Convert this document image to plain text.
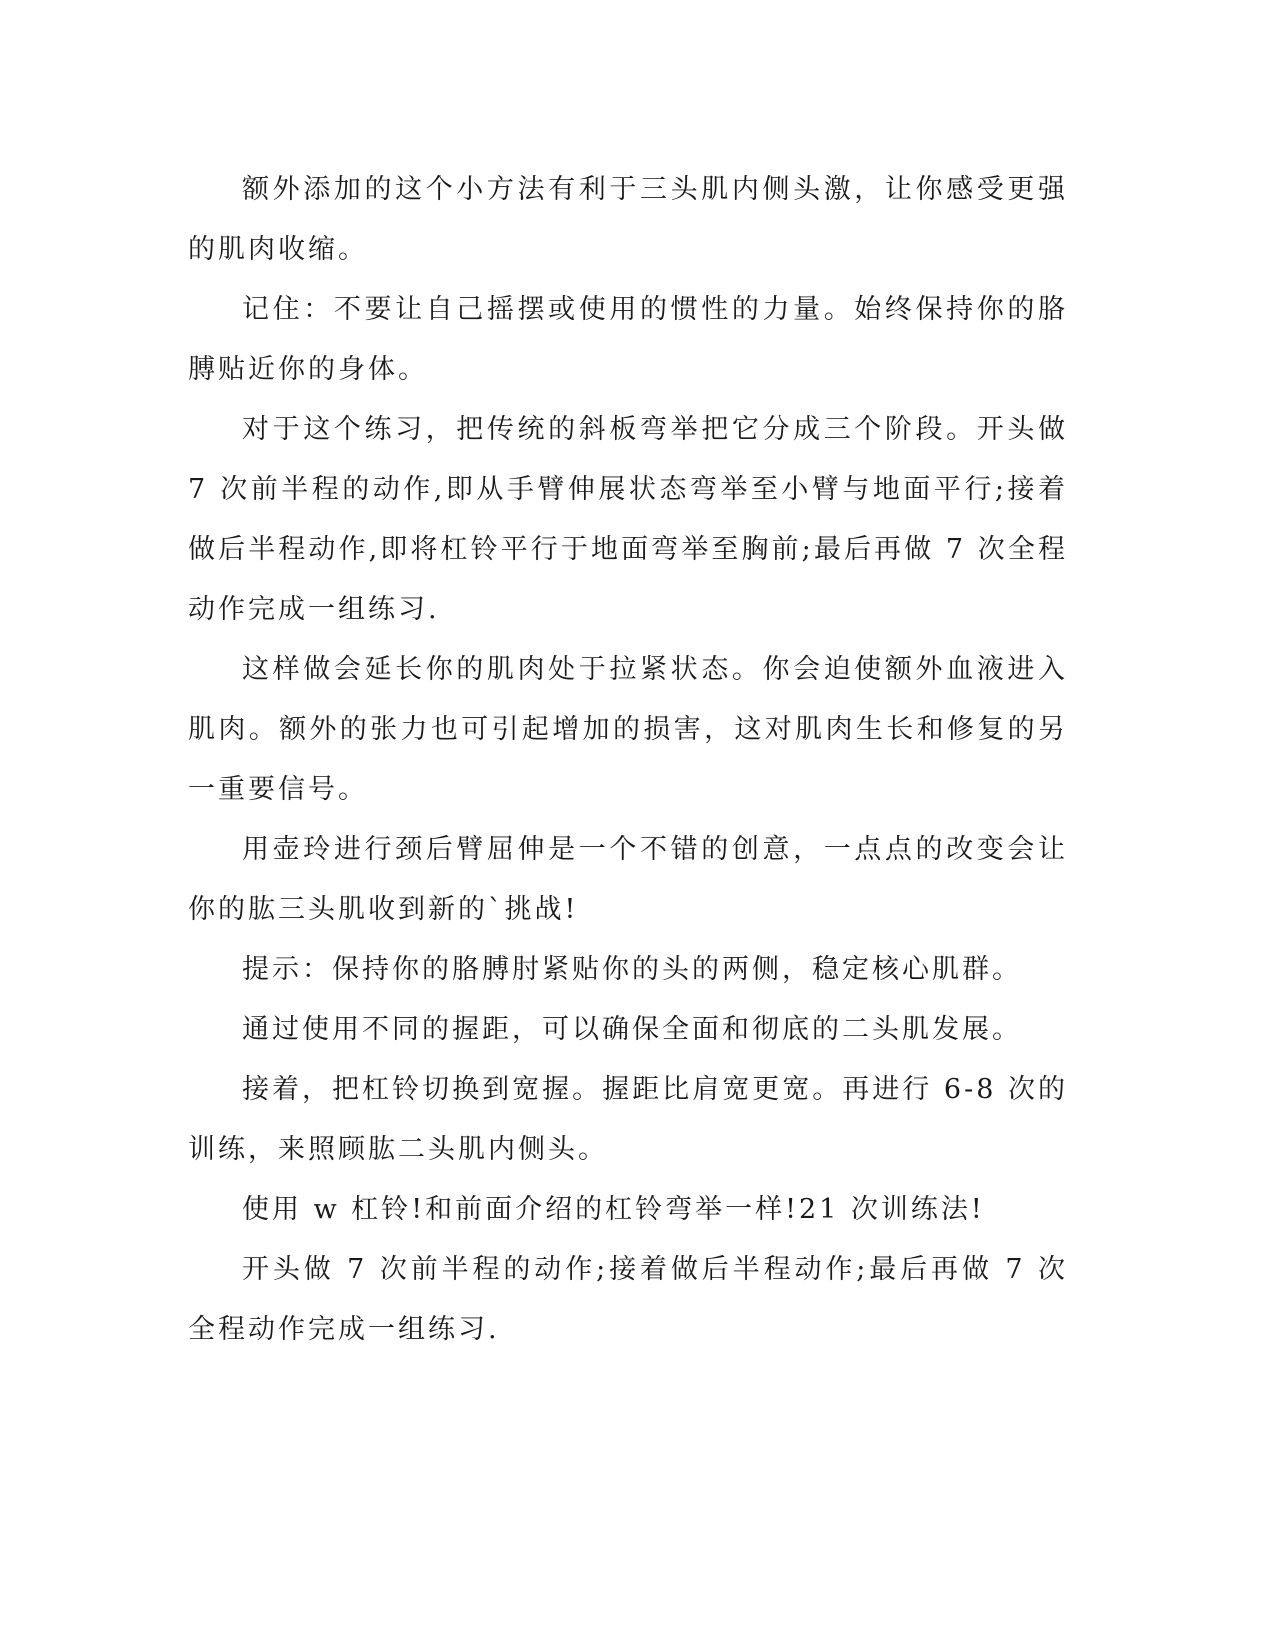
额外添加的这个小方法有利于三头肌内侧头激，让你感受更强的肌肉收缩。

记住：不要让自己摇摆或使用的惯性的力量。始终保持你的胳膊贴近你的身体。

对于这个练习，把传统的斜板弯举把它分成三个阶段。开头做 7 次前半程的动作,即从手臂伸展状态弯举至小臂与地面平行;接着做后半程动作,即将杠铃平行于地面弯举至胸前;最后再做 7 次全程动作完成一组练习.

这样做会延长你的肌肉处于拉紧状态。你会迫使额外血液进入肌肉。额外的张力也可引起增加的损害，这对肌肉生长和修复的另一重要信号。

用壶玲进行颈后臂屈伸是一个不错的创意，一点点的改变会让你的肱三头肌收到新的`挑战!

提示：保持你的胳膊肘紧贴你的头的两侧，稳定核心肌群。

通过使用不同的握距，可以确保全面和彻底的二头肌发展。

接着，把杠铃切换到宽握。握距比肩宽更宽。再进行 6-8 次的训练，来照顾肱二头肌内侧头。

使用 w 杠铃!和前面介绍的杠铃弯举一样!21 次训练法!

开头做 7 次前半程的动作;接着做后半程动作;最后再做 7 次全程动作完成一组练习.
